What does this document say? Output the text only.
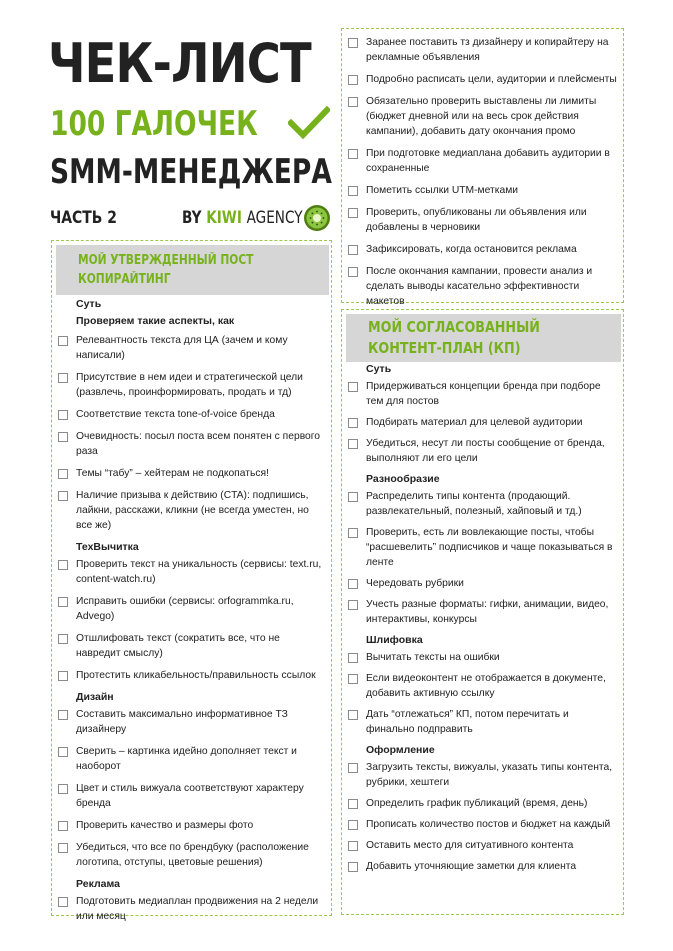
ЧЕК-ЛИСТ
100 ГАЛОЧЕК
SMM-МЕНЕДЖЕРА
ЧАСТЬ 2	BY KIWI AGENCY
МОЙ УТВЕРЖДЕННЫЙ ПОСТ
КОПИРАЙТИНГ
Суть
Проверяем такие аспекты, как
Релевантность текста для ЦА (зачем и кому написали)
Присутствие в нем идеи и стратегической цели (развлечь, проинформировать, продать и тд)
Соответствие текста tone-of-voice бренда
Очевидность: посыл поста всем понятен с первого раза
Темы “табу” – хейтерам не подкопаться!
Наличие призыва к действию (CTA): подпишись, лайкни, расскажи, кликни (не всегда уместен, но все же)
ТехВычитка
Проверить текст на уникальность (сервисы: text.ru, content-watch.ru)
Исправить ошибки (сервисы: orfogrammka.ru, Advego)
Отшлифовать текст (сократить все, что не навредит смыслу)
Протестить кликабельность/правильность ссылок
Дизайн
Составить максимально информативное ТЗ дизайнеру
Сверить – картинка идейно дополняет текст и наоборот
Цвет и стиль вижуала соответствуют характеру бренда
Проверить качество и размеры фото
Убедиться, что все по брендбуку (расположение логотипа, отступы, цветовые решения)
Реклама
Подготовить медиаплан продвижения на 2 недели или месяц
Заранее поставить тз дизайнеру и копирайтеру на рекламные объявления
Подробно расписать цели, аудитории и плейсменты
Обязательно проверить выставлены ли лимиты (бюджет дневной или на весь срок действия кампании), добавить дату окончания промо
При подготовке медиаплана добавить аудитории в сохраненные
Пометить ссылки UTM-метками
Проверить, опубликованы ли объявления или добавлены в черновики
Зафиксировать, когда остановится реклама
После окончания кампании, провести анализ и сделать выводы касательно эффективности макетов
МОЙ СОГЛАСОВАННЫЙ
КОНТЕНТ-ПЛАН (КП)
Суть
Придерживаться концепции бренда при подборе тем для постов
Подбирать материал для целевой аудитории
Убедиться, несут ли посты сообщение от бренда, выполняют ли его цели
Разнообразие
Распределить типы контента (продающий. развлекательный, полезный, хайповый и тд.)
Проверить, есть ли вовлекающие посты, чтобы “расшевелить” подписчиков и чаще показываться в ленте
Чередовать рубрики
Учесть разные форматы: гифки, анимации, видео, интерактивы, конкурсы
Шлифовка
Вычитать тексты на ошибки
Если видеоконтент не отображается в документе, добавить активную ссылку
Дать “отлежаться” КП, потом перечитать и финально подправить
Оформление
Загрузить тексты, вижуалы, указать типы контента, рубрики, хештеги
Определить график публикаций (время, день)
Прописать количество постов и бюджет на каждый
Оставить место для ситуативного контента
Добавить уточняющие заметки для клиента
